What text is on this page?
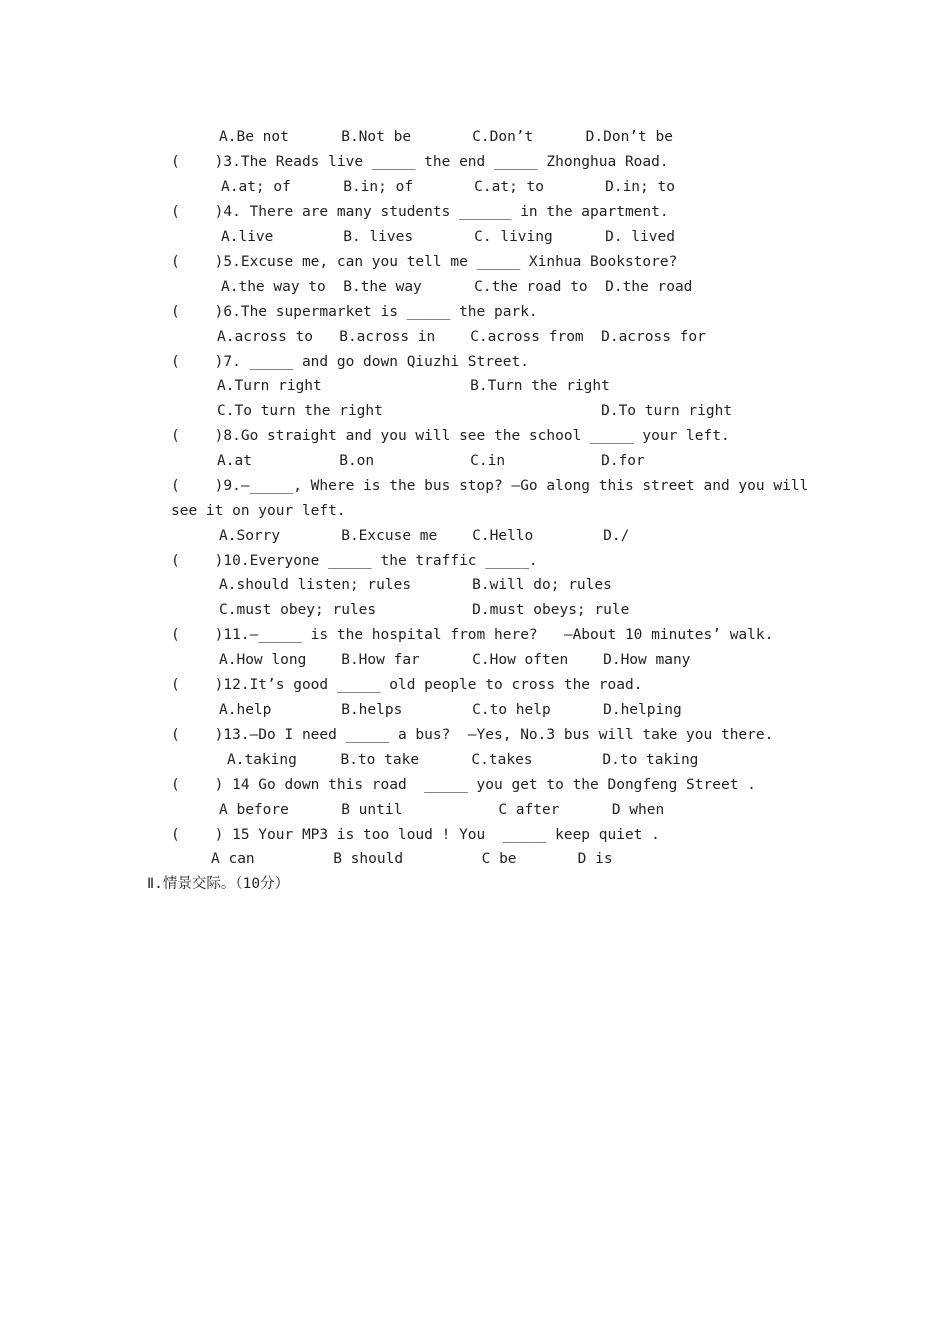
A.Be not      B.Not be       C.Don’t      D.Don’t be
(    )3.The Reads live _____ the end _____ Zhonghua Road.
A.at; of      B.in; of       C.at; to       D.in; to
(    )4. There are many students ______ in the apartment.
A.live        B. lives       C. living      D. lived
(    )5.Excuse me, can you tell me _____ Xinhua Bookstore?
A.the way to  B.the way      C.the road to  D.the road
(    )6.The supermarket is _____ the park.
A.across to   B.across in    C.across from  D.across for
(    )7. _____ and go down Qiuzhi Street.
A.Turn right                 B.Turn the right
C.To turn the right                         D.To turn right
(    )8.Go straight and you will see the school _____ your left.
A.at          B.on           C.in           D.for
(    )9.—_____, Where is the bus stop? —Go along this street and you will
see it on your left.
A.Sorry       B.Excuse me    C.Hello        D./
(    )10.Everyone _____ the traffic _____.
A.should listen; rules       B.will do; rules
C.must obey; rules           D.must obeys; rule
(    )11.—_____ is the hospital from here?   —About 10 minutes’ walk.
A.How long    B.How far      C.How often    D.How many
(    )12.It’s good _____ old people to cross the road.
A.help        B.helps        C.to help      D.helping
(    )13.—Do I need _____ a bus?  —Yes, No.3 bus will take you there.
A.taking     B.to take      C.takes        D.to taking
(    ) 14 Go down this road  _____ you get to the Dongfeng Street .
A before      B until           C after      D when
(    ) 15 Your MP3 is too loud ! You  _____ keep quiet .
A can         B should         C be       D is
Ⅱ.情景交际。（10分）
